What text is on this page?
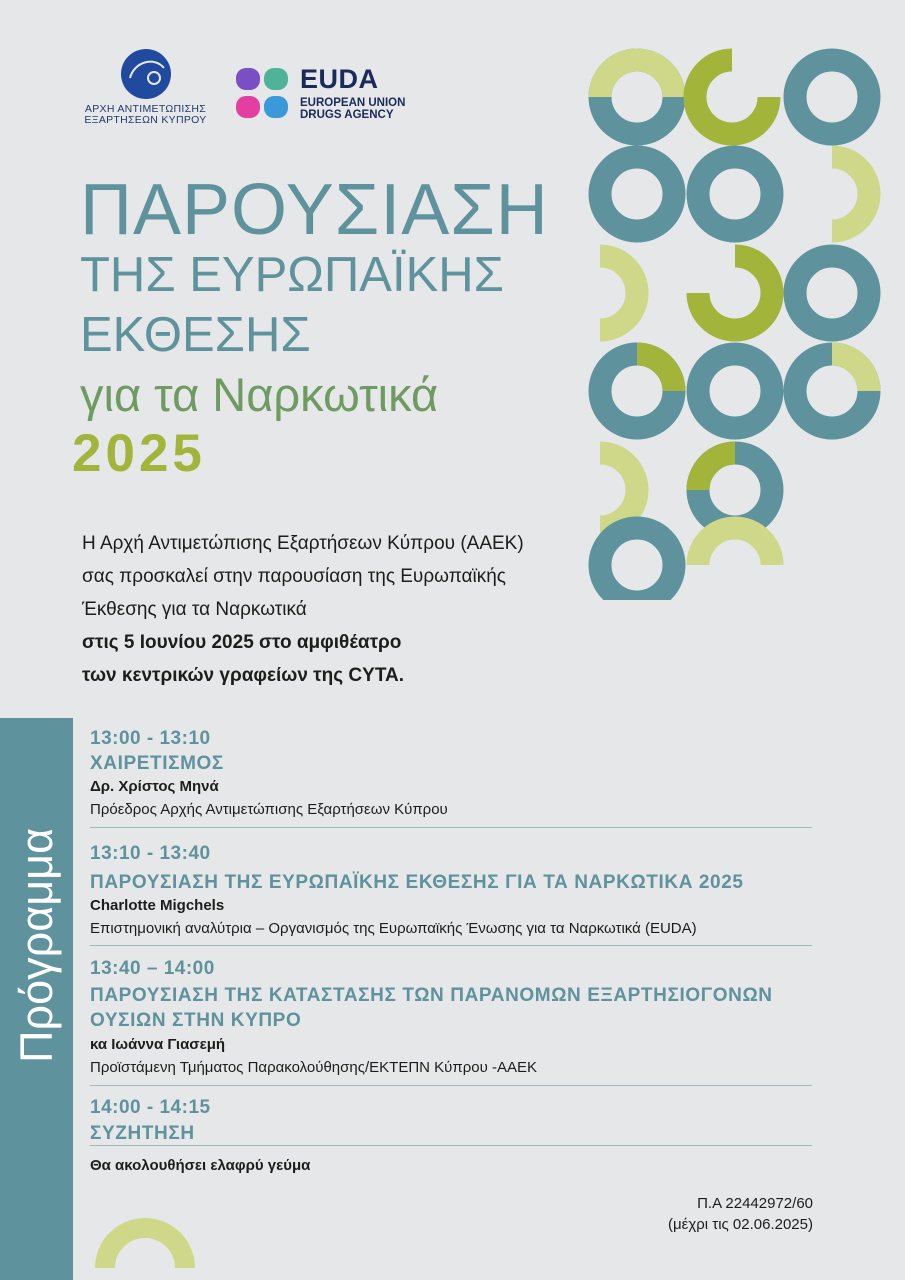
ΑΡΧΗ ΑΝΤΙΜΕΤΩΠΙΣΗΣ
ΕΞΑΡΤΗΣΕΩΝ ΚΥΠΡΟΥ
EUDA
EUROPEAN UNION
DRUGS AGENCY
ΠΑΡΟΥΣΙΑΣΗ
ΤΗΣ ΕΥΡΩΠΑΪΚΗΣ
ΕΚΘΕΣΗΣ
για τα Ναρκωτικά
2025
Η Αρχή Αντιμετώπισης Εξαρτήσεων Κύπρου (ΑΑΕΚ)
σας προσκαλεί στην παρουσίαση της Ευρωπαϊκής
Έκθεσης για τα Ναρκωτικά
στις 5 Ιουνίου 2025 στο αμφιθέατρο
των κεντρικών γραφείων της CYTA.
Πρόγραμμα
13:00 - 13:10
ΧΑΙΡΕΤΙΣΜΟΣ
Δρ. Χρίστος Μηνά
Πρόεδρος Αρχής Αντιμετώπισης Εξαρτήσεων Κύπρου
13:10 - 13:40
ΠΑΡΟΥΣΙΑΣΗ ΤΗΣ ΕΥΡΩΠΑΪΚΗΣ ΕΚΘΕΣΗΣ ΓΙΑ ΤΑ ΝΑΡΚΩΤΙΚΑ 2025
Charlotte Migchels
Επιστημονική αναλύτρια – Οργανισμός της Ευρωπαϊκής Ένωσης για τα Ναρκωτικά (EUDA)
13:40 – 14:00
ΠΑΡΟΥΣΙΑΣΗ ΤΗΣ ΚΑΤΑΣΤΑΣΗΣ ΤΩΝ ΠΑΡΑΝΟΜΩΝ ΕΞΑΡΤΗΣΙΟΓΟΝΩΝ
ΟΥΣΙΩΝ ΣΤΗΝ ΚΥΠΡΟ
κα Ιωάννα Γιασεμή
Προϊστάμενη Τμήματος Παρακολούθησης/ΕΚΤΕΠΝ Κύπρου -ΑΑΕΚ
14:00 - 14:15
ΣΥΖΗΤΗΣΗ
Θα ακολουθήσει ελαφρύ γεύμα
Π.Α 22442972/60
(μέχρι τις 02.06.2025)
